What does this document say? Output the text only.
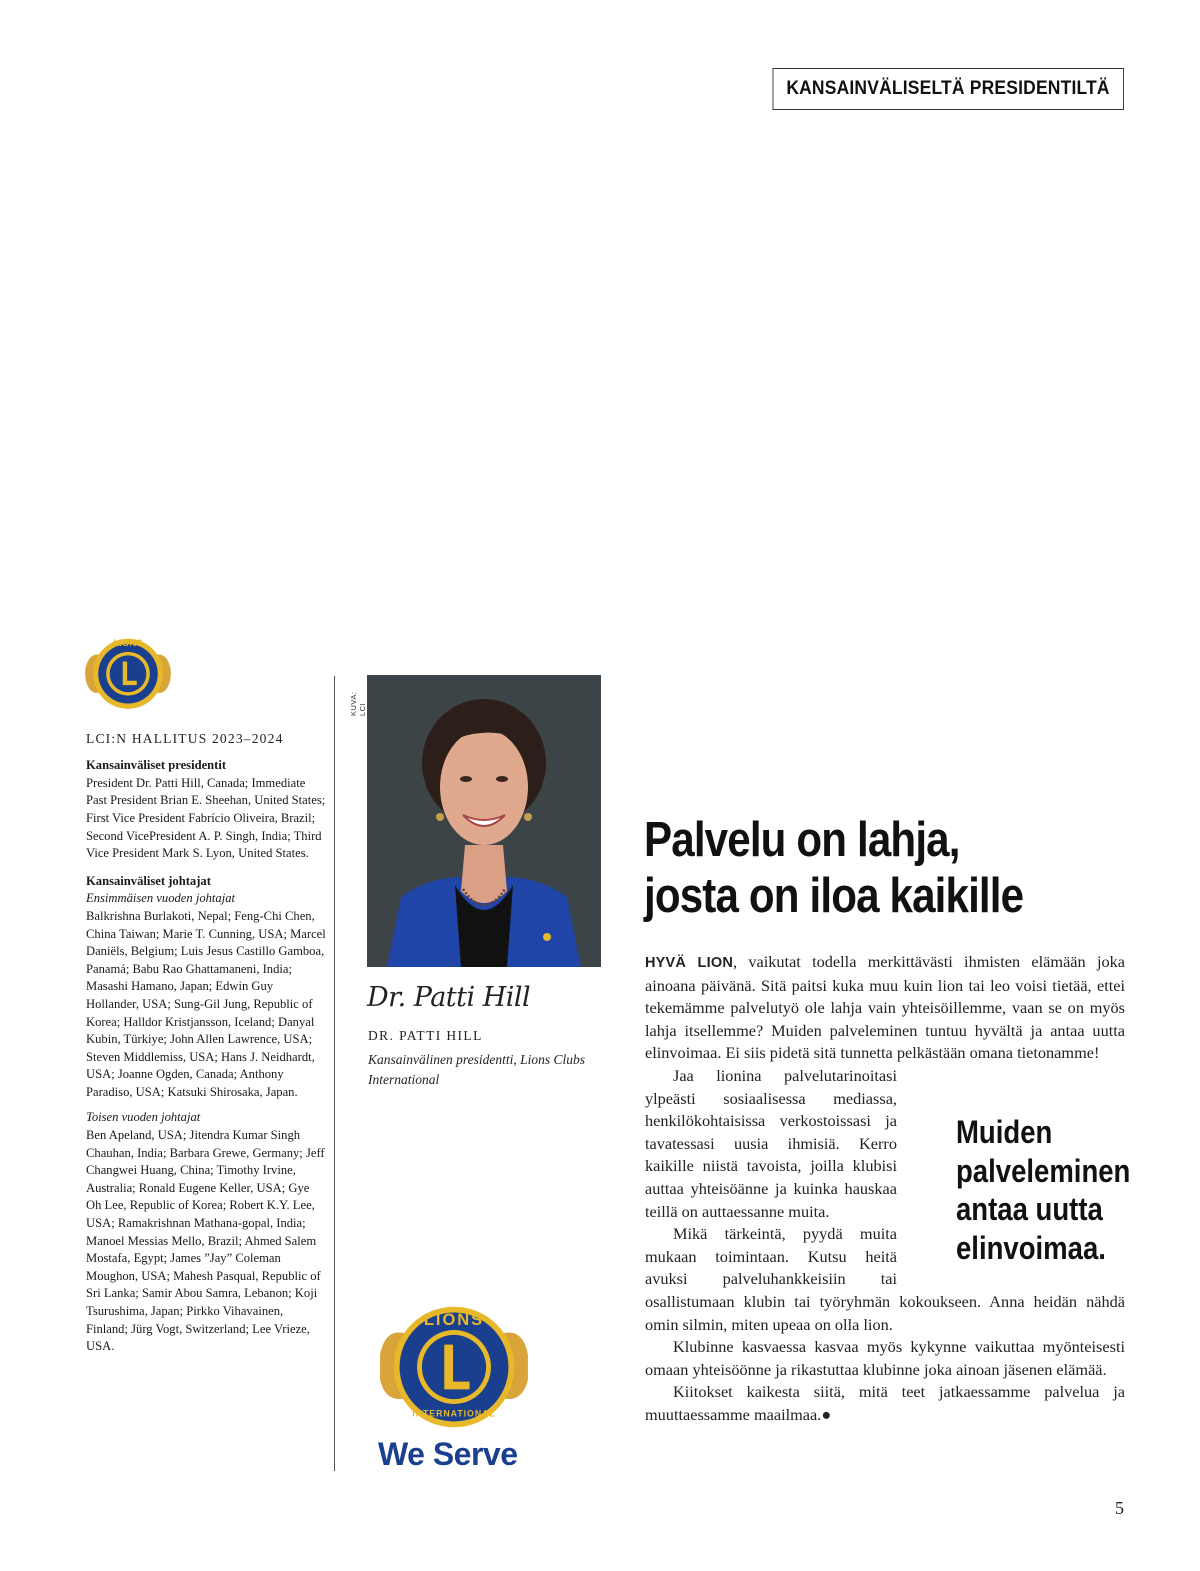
KANSAINVÄLISELTÄ PRESIDENTILTÄ
LIONS
LCI:N HALLITUS 2023–2024
Kansainväliset presidentit
President Dr. Patti Hill, Canada; Immediate Past President Brian E. Sheehan, United States; First Vice President Fabrício Oliveira, Brazil; Second VicePresident A. P. Singh, India; Third Vice President Mark S. Lyon, United States.
Kansainväliset johtajat
Ensimmäisen vuoden johtajat
Balkrishna Burlakoti, Nepal; Feng-Chi Chen, China Taiwan; Marie T. Cunning, USA; Marcel Daniëls, Belgium; Luis Jesus Castillo Gamboa, Panamá; Babu Rao Ghattamaneni, India; Masashi Hamano, Japan; Edwin Guy Hollander, USA; Sung-Gil Jung, Republic of Korea; Halldor Kristjansson, Iceland; Danyal Kubin, Türkiye; John Allen Lawrence, USA; Steven Middlemiss, USA; Hans J. Neidhardt, USA; Joanne Ogden, Canada; Anthony Paradiso, USA; Katsuki Shirosaka, Japan.
Toisen vuoden johtajat
Ben Apeland, USA; Jitendra Kumar Singh Chauhan, India; Barbara Grewe, Germany; Jeff Changwei Huang, China; Timothy Irvine, Australia; Ronald Eugene Keller, USA; Gye Oh Lee, Republic of Korea; Robert K.Y. Lee, USA; Ramakrishnan Mathana-gopal, India; Manoel Messias Mello, Brazil; Ahmed Salem Mostafa, Egypt; James ”Jay” Coleman Moughon, USA; Mahesh Pasqual, Republic of Sri Lanka; Samir Abou Samra, Lebanon; Koji Tsurushima, Japan; Pirkko Vihavainen, Finland; Jürg Vogt, Switzerland; Lee Vrieze, USA.
KUVA: LCI
Dr. Patti Hill
DR. PATTI HILL
Kansainvälinen presidentti, Lions Clubs International
LIONS
INTERNATIONAL
We Serve
Palvelu on lahja,
josta on iloa kaikille

HYVÄ LION, vaikutat todella merkittävästi ihmisten elämään joka ainoana päivänä. Sitä paitsi kuka muu kuin lion tai leo voisi tietää, ettei tekemämme palvelutyö ole lahja vain yhteisöillemme, vaan se on myös lahja itsellemme? Muiden palveleminen tuntuu hyvältä ja antaa uutta elinvoimaa. Ei siis pidetä sitä tunnetta pelkästään omana tietonamme!

Jaa lionina palvelutarinoitasi ylpeästi sosiaalisessa mediassa, henkilökohtaisissa verkostoissasi ja tavatessasi uusia ihmisiä. Kerro kaikille niistä tavoista, joilla klubisi auttaa yhteisöänne ja kuinka hauskaa teillä on auttaessanne muita.

Mikä tärkeintä, pyydä muita mukaan toimintaan. Kutsu heitä avuksi palveluhankkeisiin tai osallistumaan klubin tai työryhmän kokoukseen. Anna heidän nähdä omin silmin, miten upeaa on olla lion.

Klubinne kasvaessa kasvaa myös kykynne vaikuttaa myönteisesti omaan yhteisöönne ja rikastuttaa klubinne joka ainoan jäsenen elämää.

Kiitokset kaikesta siitä, mitä teet jatkaessamme palvelua ja muuttaessamme maailmaa.●

Muiden palveleminen antaa uutta elinvoimaa.
5
